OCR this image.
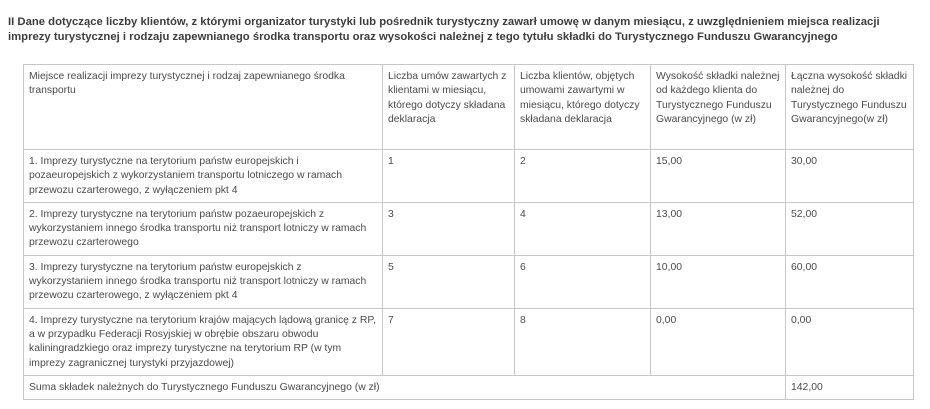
II Dane dotyczące liczby klientów, z którymi organizator turystyki lub pośrednik turystyczny zawarł umowę w danym miesiącu, z uwzględnieniem miejsca realizacji imprezy turystycznej i rodzaju zapewnianego środka transportu oraz wysokości należnej z tego tytułu składki do Turystycznego Funduszu Gwarancyjnego

Miejsce realizacji imprezy turystycznej i rodzaj zapewnianego środka transportu	Liczba umów zawartych z klientami w miesiącu, którego dotyczy składana deklaracja	Liczba klientów, objętych umowami zawartymi w miesiącu, którego dotyczy składana deklaracja	Wysokość składki należnej od każdego klienta do Turystycznego Funduszu Gwarancyjnego (w zł)	Łączna wysokość składki należnej do Turystycznego Funduszu Gwarancyjnego(w zł)
1. Imprezy turystyczne na terytorium państw europejskich i pozaeuropejskich z wykorzystaniem transportu lotniczego w ramach przewozu czarterowego, z wyłączeniem pkt 4	1	2	15,00	30,00
2. Imprezy turystyczne na terytorium państw pozaeuropejskich z wykorzystaniem innego środka transportu niż transport lotniczy w ramach przewozu czarterowego	3	4	13,00	52,00
3. Imprezy turystyczne na terytorium państw europejskich z wykorzystaniem innego środka transportu niż transport lotniczy w ramach przewozu czarterowego, z wyłączeniem pkt 4	5	6	10,00	60,00
4. Imprezy turystyczne na terytorium krajów mających lądową granicę z RP, a w przypadku Federacji Rosyjskiej w obrębie obszaru obwodu kaliningradzkiego oraz imprezy turystyczne na terytorium RP (w tym imprezy zagranicznej turystyki przyjazdowej)	7	8	0,00	0,00
Suma składek należnych do Turystycznego Funduszu Gwarancyjnego (w zł)				142,00
